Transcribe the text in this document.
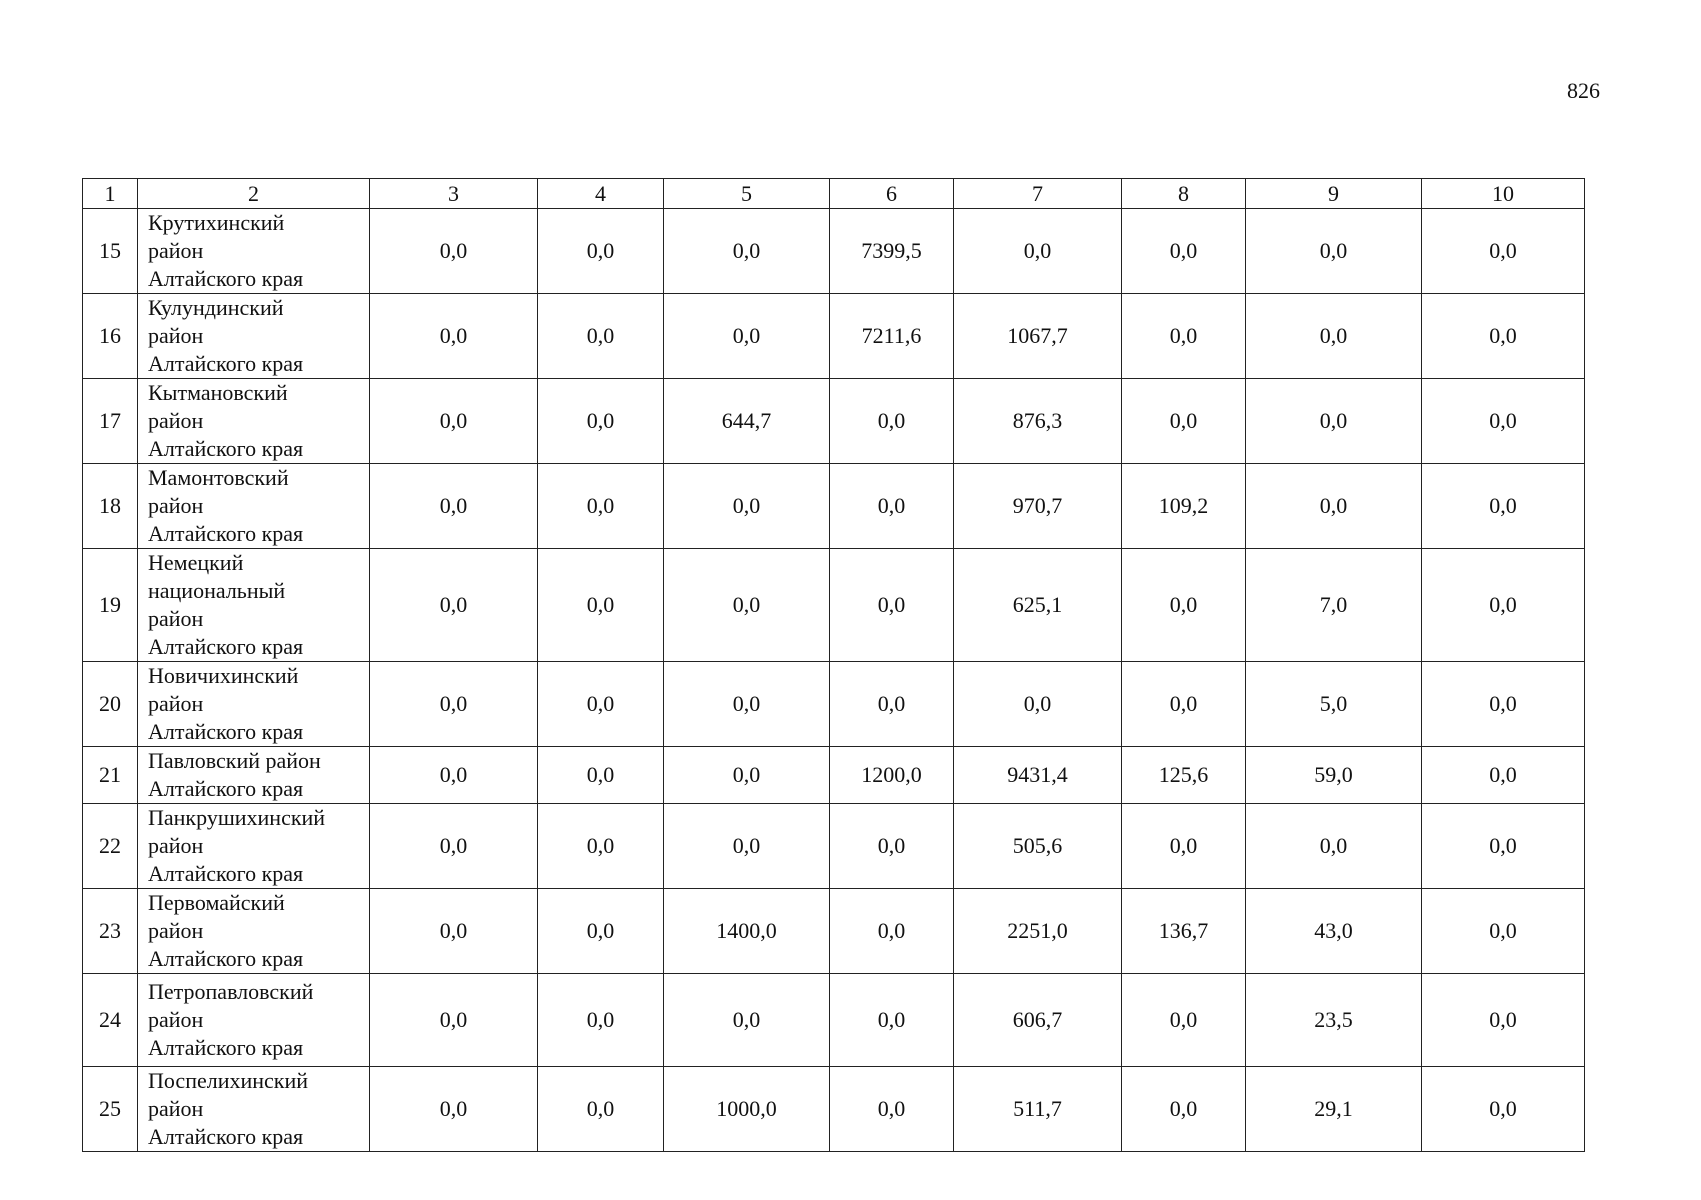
826
1	2	3	4	5	6	7	8	9	10
15	Крутихинский
район
Алтайского края	0,0	0,0	0,0	7399,5	0,0	0,0	0,0	0,0
16	Кулундинский
район
Алтайского края	0,0	0,0	0,0	7211,6	1067,7	0,0	0,0	0,0
17	Кытмановский
район
Алтайского края	0,0	0,0	644,7	0,0	876,3	0,0	0,0	0,0
18	Мамонтовский
район
Алтайского края	0,0	0,0	0,0	0,0	970,7	109,2	0,0	0,0
19	Немецкий
национальный
район
Алтайского края	0,0	0,0	0,0	0,0	625,1	0,0	7,0	0,0
20	Новичихинский
район
Алтайского края	0,0	0,0	0,0	0,0	0,0	0,0	5,0	0,0
21	Павловский район
Алтайского края	0,0	0,0	0,0	1200,0	9431,4	125,6	59,0	0,0
22	Панкрушихинский
район
Алтайского края	0,0	0,0	0,0	0,0	505,6	0,0	0,0	0,0
23	Первомайский
район
Алтайского края	0,0	0,0	1400,0	0,0	2251,0	136,7	43,0	0,0
24	Петропавловский
район
Алтайского края	0,0	0,0	0,0	0,0	606,7	0,0	23,5	0,0
25	Поспелихинский
район
Алтайского края	0,0	0,0	1000,0	0,0	511,7	0,0	29,1	0,0
